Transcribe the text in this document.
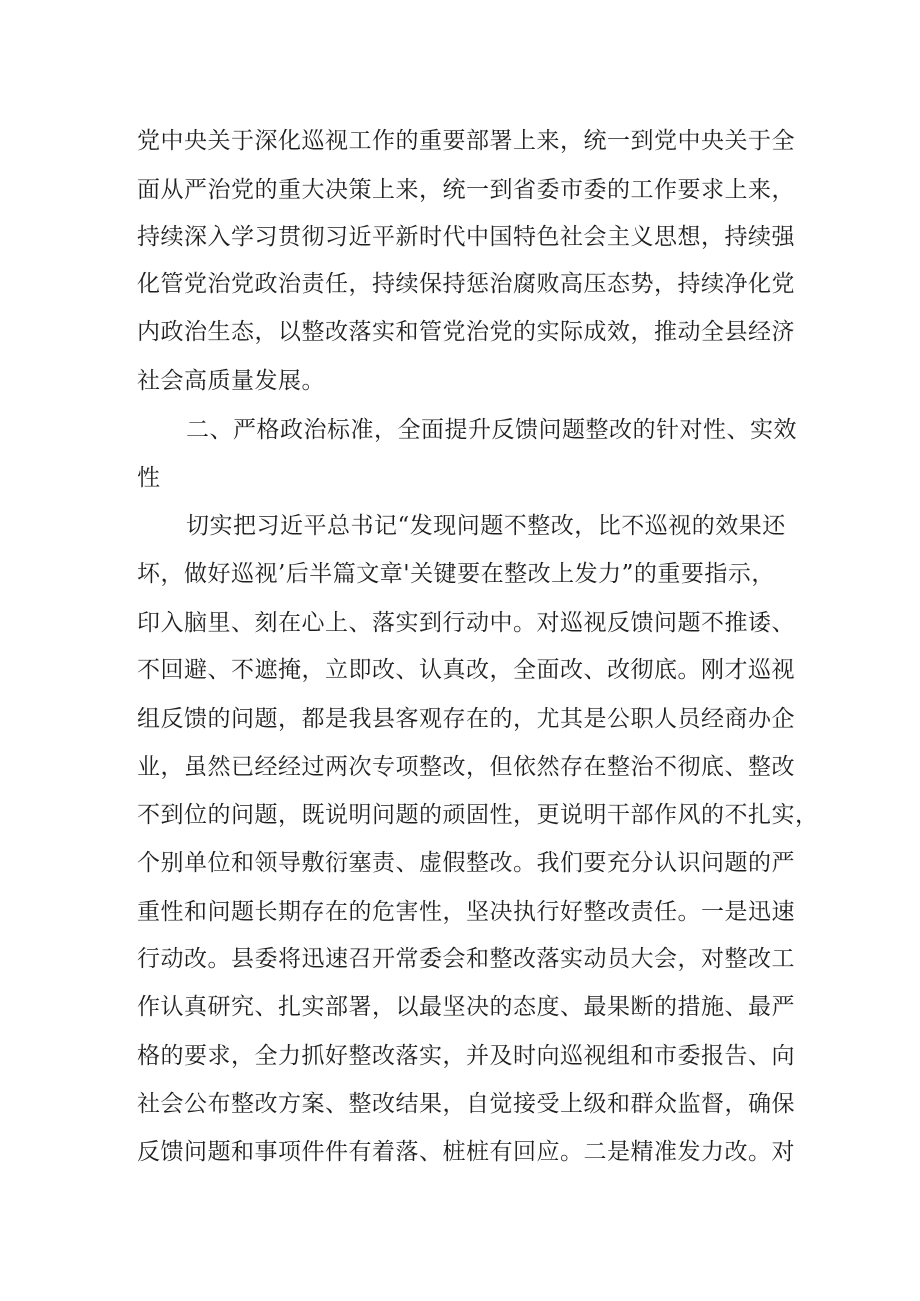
党中央关于深化巡视工作的重要部署上来，统一到党中央关于全
面从严治党的重大决策上来，统一到省委市委的工作要求上来，
持续深入学习贯彻习近平新时代中国特色社会主义思想，持续强
化管党治党政治责任，持续保持惩治腐败高压态势，持续净化党
内政治生态，以整改落实和管党治党的实际成效，推动全县经济
社会高质量发展。
二、严格政治标准，全面提升反馈问题整改的针对性、实效
性
切实把习近平总书记“发现问题不整改，比不巡视的效果还
坏，做好巡视’后半篇文章'关键要在整改上发力”的重要指示，
印入脑里、刻在心上、落实到行动中。对巡视反馈问题不推诿、
不回避、不遮掩，立即改、认真改，全面改、改彻底。刚才巡视
组反馈的问题，都是我县客观存在的，尤其是公职人员经商办企
业，虽然已经经过两次专项整改，但依然存在整治不彻底、整改
不到位的问题，既说明问题的顽固性，更说明干部作风的不扎实，
个别单位和领导敷衍塞责、虚假整改。我们要充分认识问题的严
重性和问题长期存在的危害性，坚决执行好整改责任。一是迅速
行动改。县委将迅速召开常委会和整改落实动员大会，对整改工
作认真研究、扎实部署，以最坚决的态度、最果断的措施、最严
格的要求，全力抓好整改落实，并及时向巡视组和市委报告、向
社会公布整改方案、整改结果，自觉接受上级和群众监督，确保
反馈问题和事项件件有着落、桩桩有回应。二是精准发力改。对
